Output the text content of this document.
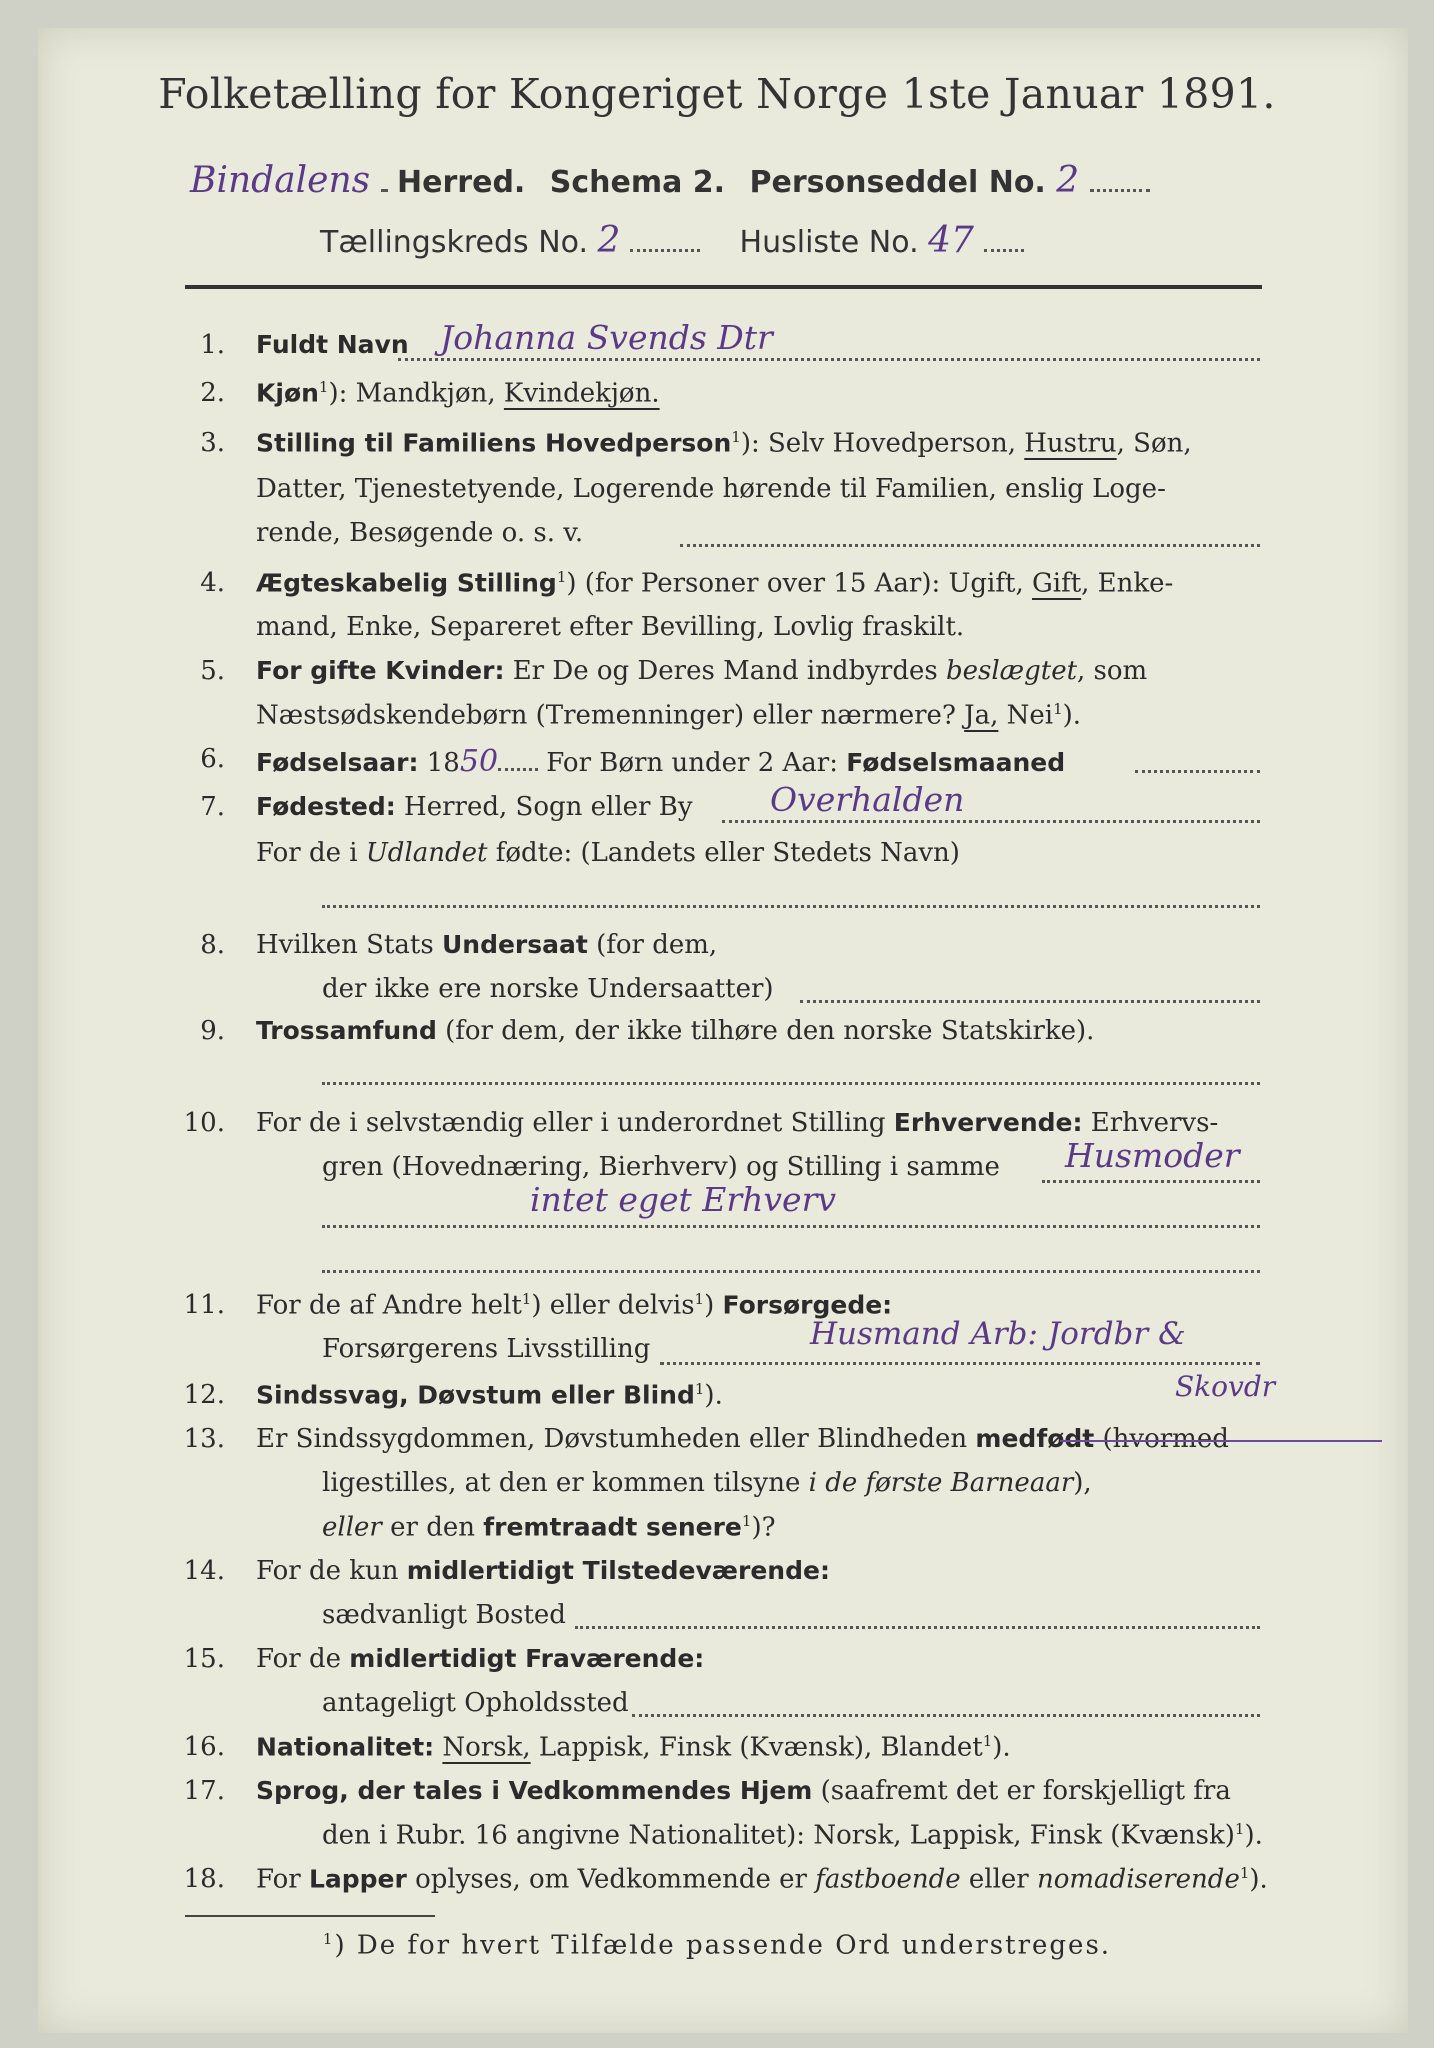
Folketælling for Kongeriget Norge 1ste Januar 1891.
Bindalens Herred. Schema 2. Personseddel No. 2
Tællingskreds No. 2	Husliste No. 47
1. Fuldt Navn Johanna Svends Dtr
2. Kjøn$^1$): Mandkjøn, Kvindekjøn.
3. Stilling til Familiens Hovedperson$^1$): Selv Hovedperson, Hustru, Søn,
Datter, Tjenestetyende, Logerende hørende til Familien, enslig Loge-
rende, Besøgende o. s. v.
4. Ægteskabelig Stilling$^1$) (for Personer over 15 Aar): Ugift, Gift, Enke-
mand, Enke, Separeret efter Bevilling, Lovlig fraskilt.
5. For gifte Kvinder: Er De og Deres Mand indbyrdes beslægtet, som
Næstsødskendebørn (Tremenninger) eller nærmere? Ja, Nei$^1$).
6. Fødselsaar: 1850 For Børn under 2 Aar: Fødselsmaaned
7. Fødested: Herred, Sogn eller By Overhalden
For de i Udlandet fødte: (Landets eller Stedets Navn)
8. Hvilken Stats Undersaat (for dem,
der ikke ere norske Undersaatter)
9. Trossamfund (for dem, der ikke tilhøre den norske Statskirke).
10. For de i selvstændig eller i underordnet Stilling Erhvervende: Erhvervs-
gren (Hovednæring, Bierhverv) og Stilling i samme Husmoder
intet eget Erhverv
11. For de af Andre helt$^1$) eller delvis$^1$) Forsørgede:
Forsørgerens Livsstilling	Husmand Arb: Jordbr &
Skovdr
12. Sindssvag, Døvstum eller Blind$^1$).
13. Er Sindssygdommen, Døvstumheden eller Blindheden medfødt (hvormed
ligestilles, at den er kommen tilsyne i de første Barneaar),
eller er den fremtraadt senere$^1$)?
14. For de kun midlertidigt Tilstedeværende:
sædvanligt Bosted
15. For de midlertidigt Fraværende:
antageligt Opholdssted
16. Nationalitet: Norsk, Lappisk, Finsk (Kvænsk), Blandet$^1$).
17. Sprog, der tales i Vedkommendes Hjem (saafremt det er forskjelligt fra
den i Rubr. 16 angivne Nationalitet): Norsk, Lappisk, Finsk (Kvænsk)$^1$).
18. For Lapper oplyses, om Vedkommende er fastboende eller nomadiserende$^1$).
$^1$) De for hvert Tilfælde passende Ord understreges.
